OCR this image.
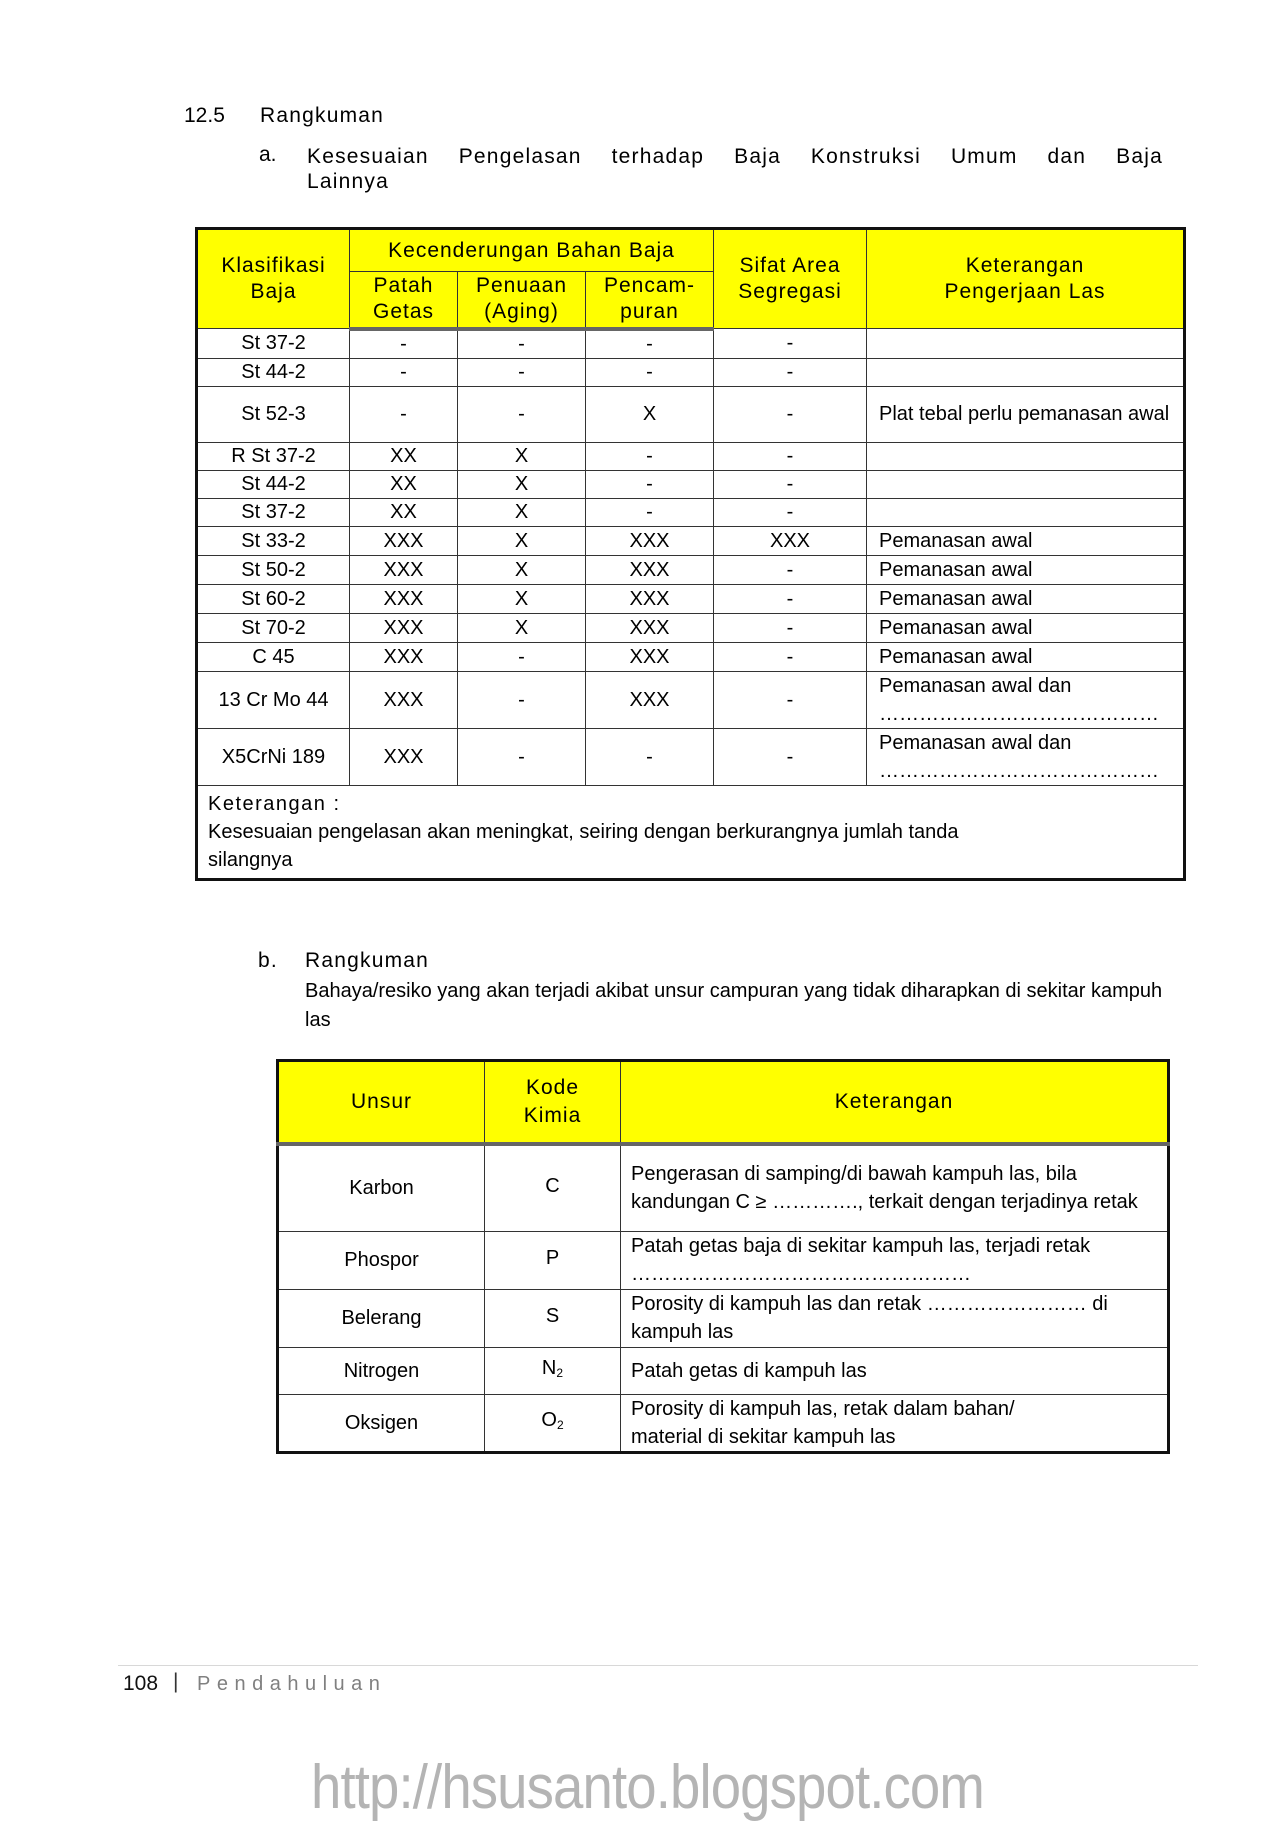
12.5 Rangkuman
a. Kesesuaian Pengelasan terhadap Baja Konstruksi Umum dan Baja
Lainnya
Klasifikasi Baja	Kecenderungan Bahan Baja			Sifat Area Segregasi	Keterangan Pengerjaan Las
	Patah Getas	Penuaan (Aging)	Pencam- puran		
St 37-2	-	-	-	-	
St 44-2	-	-	-	-	
St 52-3	-	-	X	-	Plat tebal perlu pemanasan awal
R St 37-2	XX	X	-	-	
St 44-2	XX	X	-	-	
St 37-2	XX	X	-	-	
St 33-2	XXX	X	XXX	XXX	Pemanasan awal
St 50-2	XXX	X	XXX	-	Pemanasan awal
St 60-2	XXX	X	XXX	-	Pemanasan awal
St 70-2	XXX	X	XXX	-	Pemanasan awal
C 45	XXX	-	XXX	-	Pemanasan awal
13 Cr Mo 44	XXX	-	XXX	-	Pemanasan awal dan ……………………………………
X5CrNi 189	XXX	-	-	-	Pemanasan awal dan ……………………………………

Keterangan :
Kesesuaian pengelasan akan meningkat, seiring dengan berkurangnya jumlah tanda silangnya					
b. Rangkuman
Bahaya/resiko yang akan terjadi akibat unsur campuran yang tidak diharapkan di sekitar kampuh las
Unsur	Kode Kimia	Keterangan
Karbon	C	Pengerasan di samping/di bawah kampuh las, bila kandungan C ≥ …………., terkait dengan terjadinya retak
Phospor	P	Patah getas baja di sekitar kampuh las, terjadi retak ……………………………………………
Belerang	S	Porosity di kampuh las dan retak …………………… di kampuh las
Nitrogen	N2	Patah getas di kampuh las
Oksigen	O2	Porosity di kampuh las, retak dalam bahan/ material di sekitar kampuh las
108 | Pendahuluan
http://hsusanto.blogspot.com
